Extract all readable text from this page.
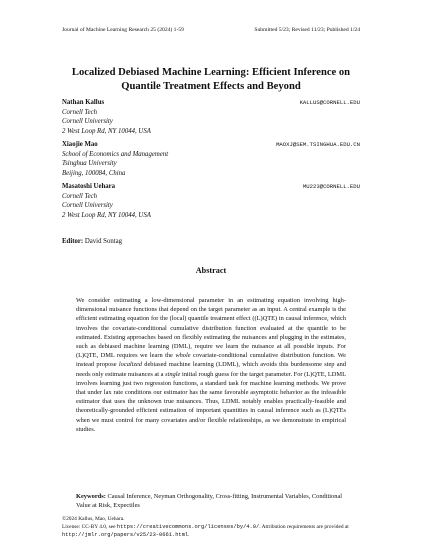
Journal of Machine Learning Research 25 (2024) 1-59	Submitted 5/23; Revised 11/23; Published 1/24
Localized Debiased Machine Learning: Efficient Inference on
Quantile Treatment Effects and Beyond
Nathan Kallus	KALLUS@CORNELL.EDU
Cornell Tech
Cornell University
2 West Loop Rd, NY 10044, USA
Xiaojie Mao	MAOXJ@SEM.TSINGHUA.EDU.CN
School of Economics and Management
Tsinghua University
Beijing, 100084, China
Masatoshi Uehara	MU223@CORNELL.EDU
Cornell Tech
Cornell University
2 West Loop Rd, NY 10044, USA
Editor: David Sontag
Abstract
We consider estimating a low-dimensional parameter in an estimating equation involving high-dimensional nuisance functions that depend on the target parameter as an input. A central example is the efficient estimating equation for the (local) quantile treatment effect ((L)QTE) in causal inference, which involves the covariate-conditional cumulative distribution function evaluated at the quantile to be estimated. Existing approaches based on flexibly estimating the nuisances and plugging in the estimates, such as debiased machine learning (DML), require we learn the nuisance at all possible inputs. For (L)QTE, DML requires we learn the whole covariate-conditional cumulative distribution function. We instead propose localized debiased machine learning (LDML), which avoids this burdensome step and needs only estimate nuisances at a single initial rough guess for the target parameter. For (L)QTE, LDML involves learning just two regression functions, a standard task for machine learning methods. We prove that under lax rate conditions our estimator has the same favorable asymptotic behavior as the infeasible estimator that uses the unknown true nuisances. Thus, LDML notably enables practically-feasible and theoretically-grounded efficient estimation of important quantities in causal inference such as (L)QTEs when we must control for many covariates and/or flexible relationships, as we demonstrate in empirical studies.
Keywords: Causal Inference, Neyman Orthogonality, Cross-fitting, Instrumental Variables, Conditional Value at Risk, Expectiles
©2024 Kallus, Mao, Uehara.
License: CC-BY 4.0, see https://creativecommons.org/licenses/by/4.0/. Attribution requirements are provided at http://jmlr.org/papers/v25/23-0661.html.
